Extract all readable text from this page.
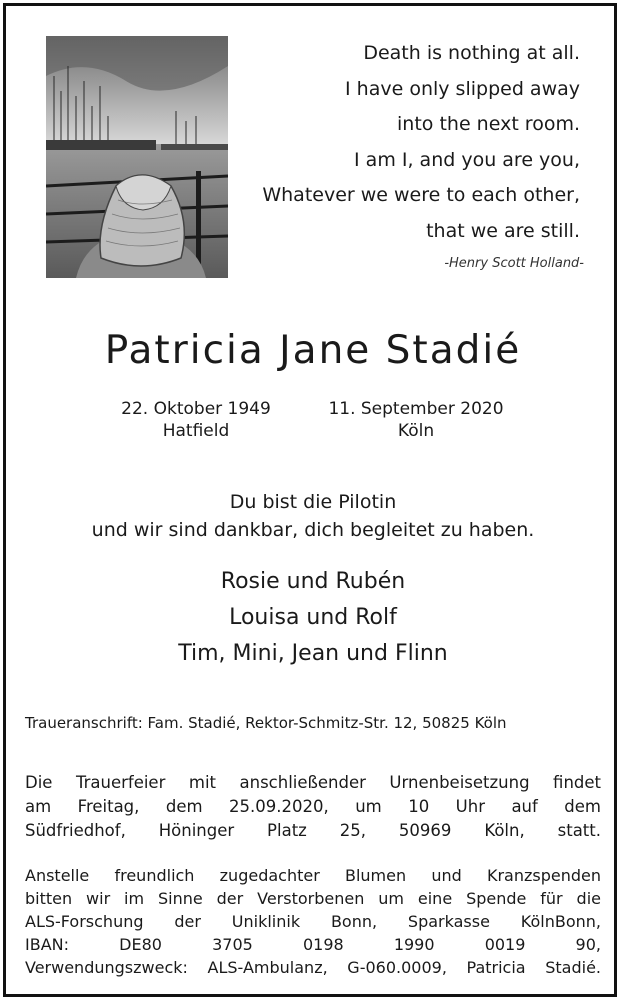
Death is nothing at all.
I have only slipped away
into the next room.
I am I, and you are you,
Whatever we were to each other,
that we are still.
-Henry Scott Holland-
Patricia Jane Stadié
22. Oktober 1949
Hatfield
11. September 2020
Köln
Du bist die Pilotin
und wir sind dankbar, dich begleitet zu haben.
Rosie und Rubén
Louisa und Rolf
Tim, Mini, Jean und Flinn
Traueranschrift: Fam. Stadié, Rektor-Schmitz-Str. 12, 50825 Köln
Die Trauerfeier mit anschließender Urnenbeisetzung findet
am Freitag, dem 25.09.2020, um 10 Uhr auf dem
Südfriedhof, Höninger Platz 25, 50969 Köln, statt.
Anstelle freundlich zugedachter Blumen und Kranzspenden
bitten wir im Sinne der Verstorbenen um eine Spende für die
ALS-Forschung der Uniklinik Bonn, Sparkasse KölnBonn,
IBAN: DE80 3705 0198 1990 0019 90,
Verwendungszweck: ALS-Ambulanz, G-060.0009, Patricia Stadié.
